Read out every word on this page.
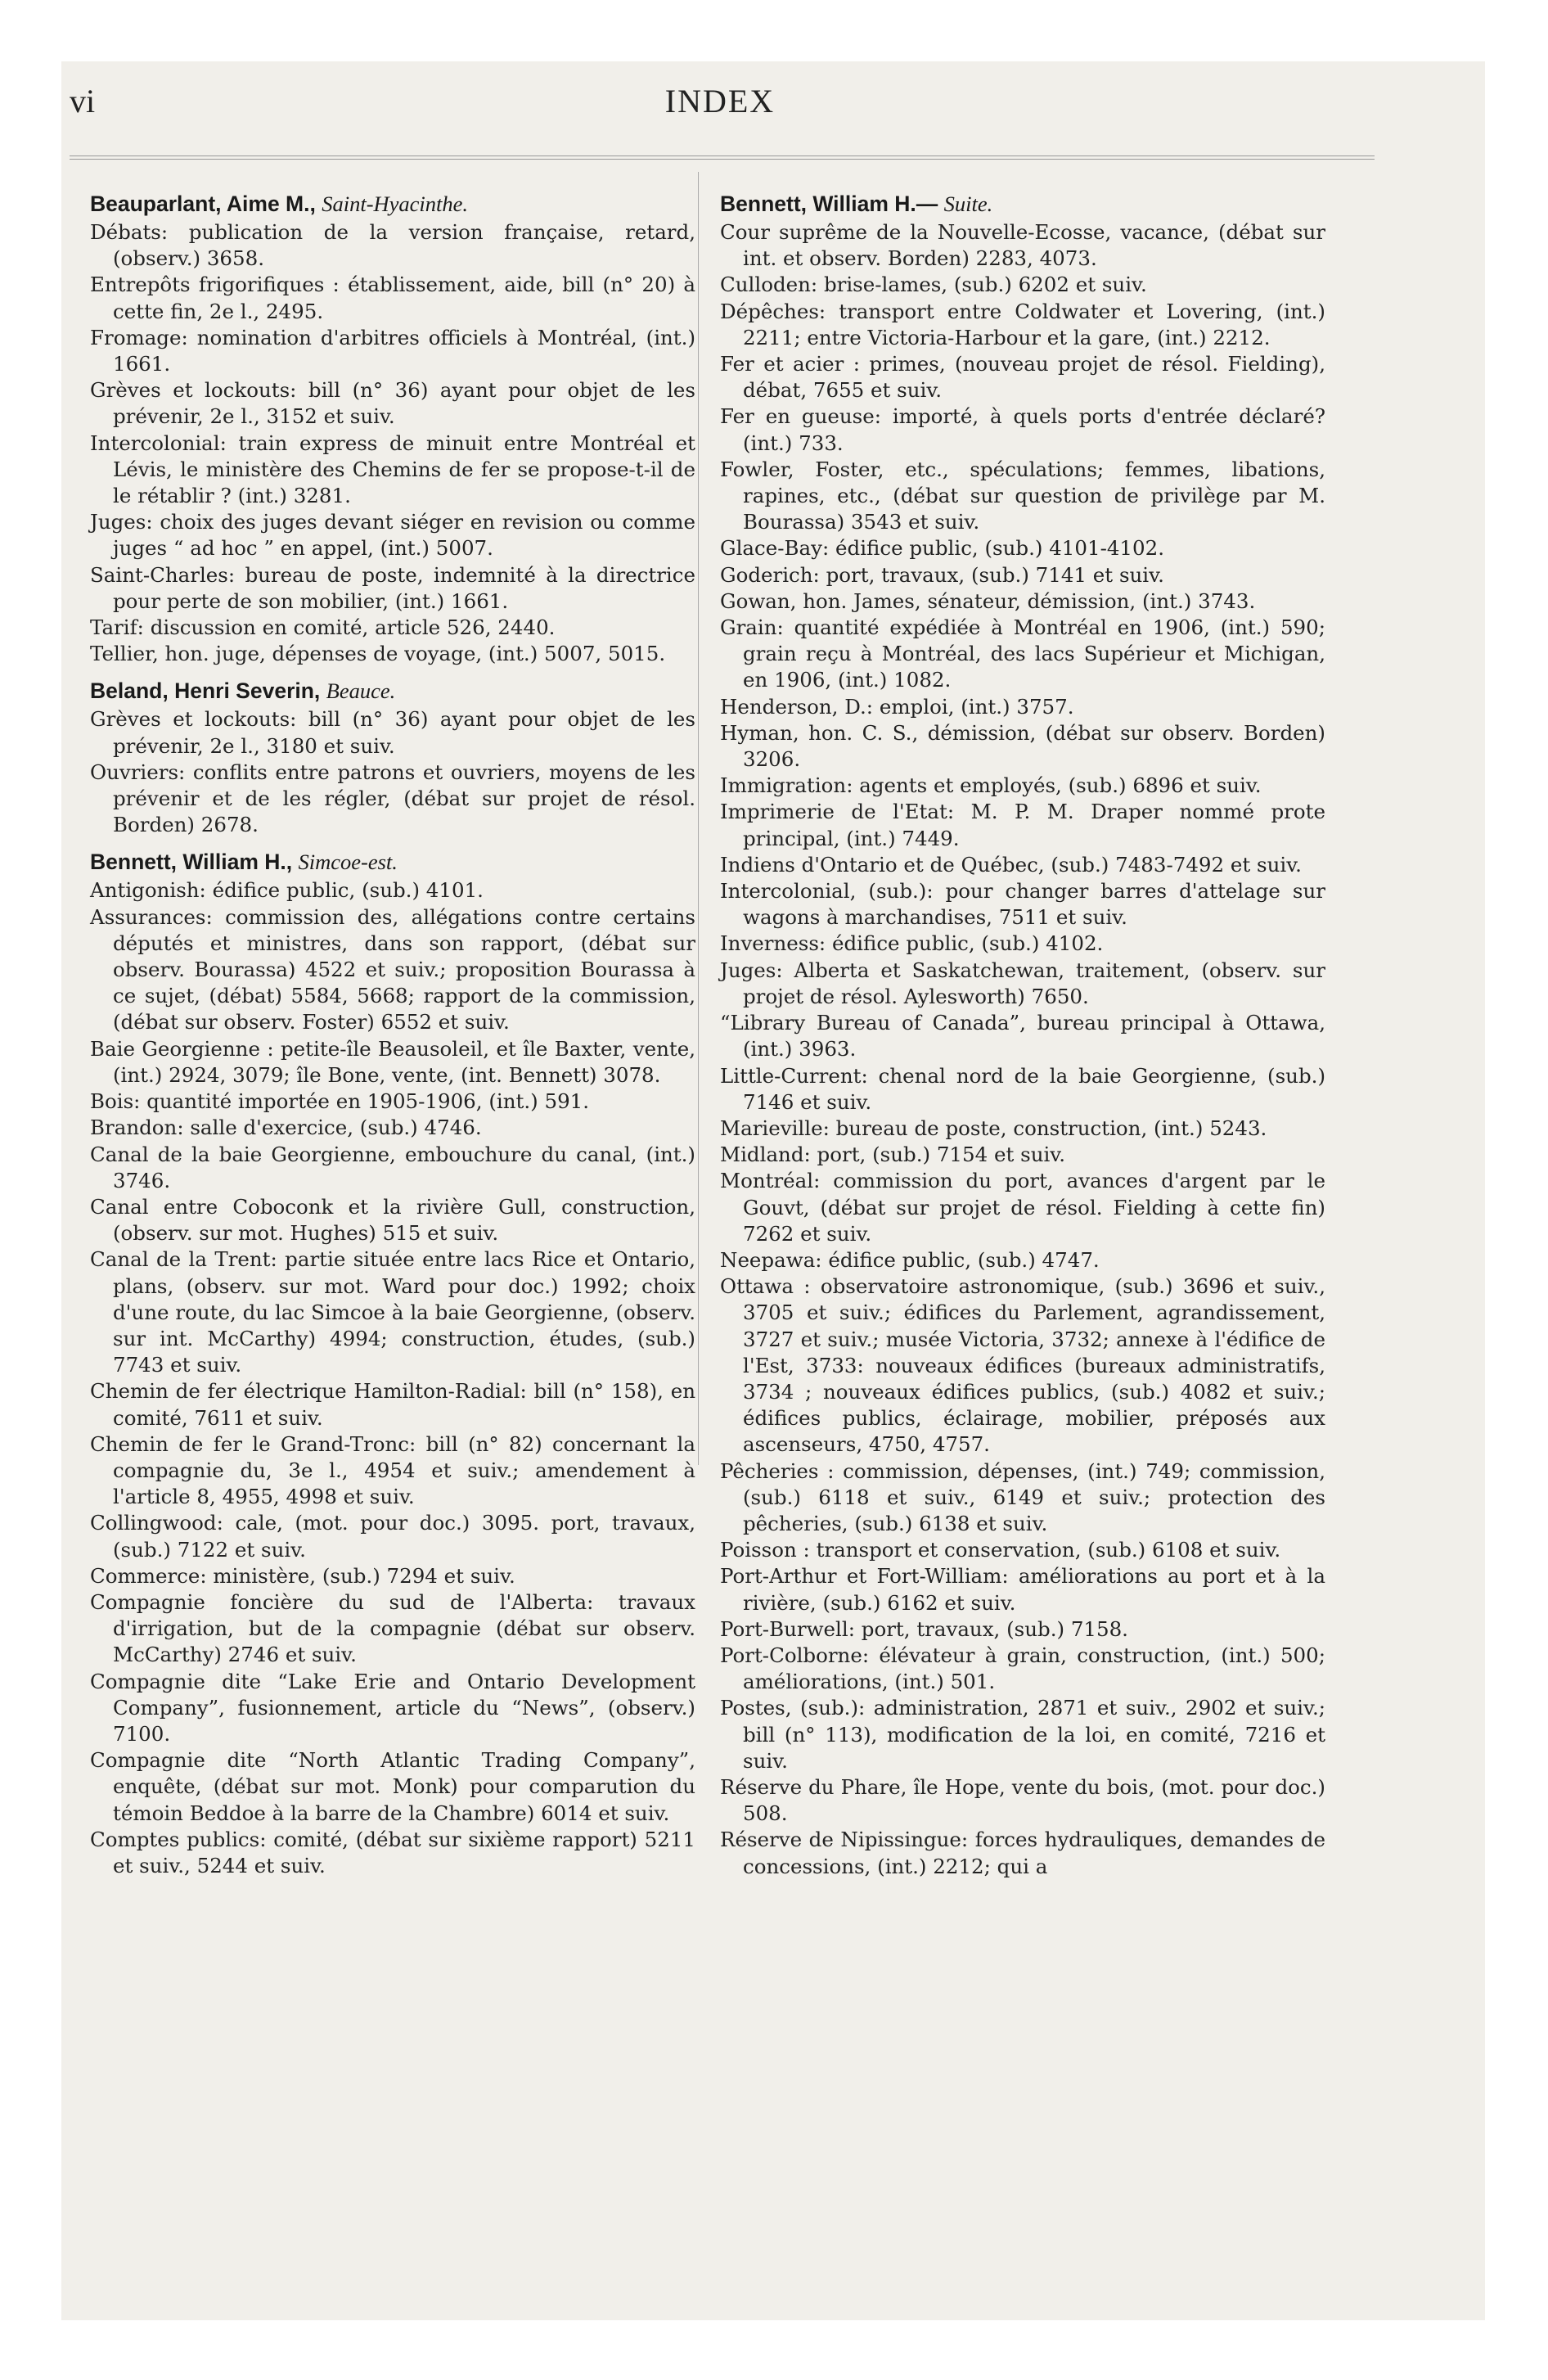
vi	INDEX
Beauparlant, Aime M., Saint-Hyacinthe.

Débats: publication de la version française, retard, (observ.) 3658.

Entrepôts frigorifiques : établissement, aide, bill (n° 20) à cette fin, 2e l., 2495.

Fromage: nomination d'arbitres officiels à Montréal, (int.) 1661.

Grèves et lockouts: bill (n° 36) ayant pour objet de les prévenir, 2e l., 3152 et suiv.

Intercolonial: train express de minuit entre Montréal et Lévis, le ministère des Chemins de fer se propose-t-il de le rétablir ? (int.) 3281.

Juges: choix des juges devant siéger en revision ou comme juges “ ad hoc ” en appel, (int.) 5007.

Saint-Charles: bureau de poste, indemnité à la directrice pour perte de son mobilier, (int.) 1661.

Tarif: discussion en comité, article 526, 2440.

Tellier, hon. juge, dépenses de voyage, (int.) 5007, 5015.

Beland, Henri Severin, Beauce.

Grèves et lockouts: bill (n° 36) ayant pour objet de les prévenir, 2e l., 3180 et suiv.

Ouvriers: conflits entre patrons et ouvriers, moyens de les prévenir et de les régler, (débat sur projet de résol. Borden) 2678.

Bennett, William H., Simcoe-est.

Antigonish: édifice public, (sub.) 4101.

Assurances: commission des, allégations contre certains députés et ministres, dans son rapport, (débat sur observ. Bourassa) 4522 et suiv.; proposition Bourassa à ce sujet, (débat) 5584, 5668; rapport de la commission, (débat sur observ. Foster) 6552 et suiv.

Baie Georgienne : petite-île Beausoleil, et île Baxter, vente, (int.) 2924, 3079; île Bone, vente, (int. Bennett) 3078.

Bois: quantité importée en 1905-1906, (int.) 591.

Brandon: salle d'exercice, (sub.) 4746.

Canal de la baie Georgienne, embouchure du canal, (int.) 3746.

Canal entre Coboconk et la rivière Gull, construction, (observ. sur mot. Hughes) 515 et suiv.

Canal de la Trent: partie située entre lacs Rice et Ontario, plans, (observ. sur mot. Ward pour doc.) 1992; choix d'une route, du lac Simcoe à la baie Georgienne, (observ. sur int. McCarthy) 4994; construction, études, (sub.) 7743 et suiv.

Chemin de fer électrique Hamilton-Radial: bill (n° 158), en comité, 7611 et suiv.

Chemin de fer le Grand-Tronc: bill (n° 82) concernant la compagnie du, 3e l., 4954 et suiv.; amendement à l'article 8, 4955, 4998 et suiv.

Collingwood: cale, (mot. pour doc.) 3095. port, travaux, (sub.) 7122 et suiv.

Commerce: ministère, (sub.) 7294 et suiv.

Compagnie foncière du sud de l'Alberta: travaux d'irrigation, but de la compagnie (débat sur observ. McCarthy) 2746 et suiv.

Compagnie dite “Lake Erie and Ontario Development Company”, fusionnement, article du “News”, (observ.) 7100.

Compagnie dite “North Atlantic Trading Company”, enquête, (débat sur mot. Monk) pour comparution du témoin Beddoe à la barre de la Chambre) 6014 et suiv.

Comptes publics: comité, (débat sur sixième rapport) 5211 et suiv., 5244 et suiv.

Bennett, William H.— Suite.

Cour suprême de la Nouvelle-Ecosse, vacance, (débat sur int. et observ. Borden) 2283, 4073.

Culloden: brise-lames, (sub.) 6202 et suiv.

Dépêches: transport entre Coldwater et Lovering, (int.) 2211; entre Victoria-Harbour et la gare, (int.) 2212.

Fer et acier : primes, (nouveau projet de résol. Fielding), débat, 7655 et suiv.

Fer en gueuse: importé, à quels ports d'entrée déclaré? (int.) 733.

Fowler, Foster, etc., spéculations; femmes, libations, rapines, etc., (débat sur question de privilège par M. Bourassa) 3543 et suiv.

Glace-Bay: édifice public, (sub.) 4101-4102.

Goderich: port, travaux, (sub.) 7141 et suiv.

Gowan, hon. James, sénateur, démission, (int.) 3743.

Grain: quantité expédiée à Montréal en 1906, (int.) 590; grain reçu à Montréal, des lacs Supérieur et Michigan, en 1906, (int.) 1082.

Henderson, D.: emploi, (int.) 3757.

Hyman, hon. C. S., démission, (débat sur observ. Borden) 3206.

Immigration: agents et employés, (sub.) 6896 et suiv.

Imprimerie de l'Etat: M. P. M. Draper nommé prote principal, (int.) 7449.

Indiens d'Ontario et de Québec, (sub.) 7483-7492 et suiv.

Intercolonial, (sub.): pour changer barres d'attelage sur wagons à marchandises, 7511 et suiv.

Inverness: édifice public, (sub.) 4102.

Juges: Alberta et Saskatchewan, traitement, (observ. sur projet de résol. Aylesworth) 7650.

“Library Bureau of Canada”, bureau principal à Ottawa, (int.) 3963.

Little-Current: chenal nord de la baie Georgienne, (sub.) 7146 et suiv.

Marieville: bureau de poste, construction, (int.) 5243.

Midland: port, (sub.) 7154 et suiv.

Montréal: commission du port, avances d'argent par le Gouvt, (débat sur projet de résol. Fielding à cette fin) 7262 et suiv.

Neepawa: édifice public, (sub.) 4747.

Ottawa : observatoire astronomique, (sub.) 3696 et suiv., 3705 et suiv.; édifices du Parlement, agrandissement, 3727 et suiv.; musée Victoria, 3732; annexe à l'édifice de l'Est, 3733: nouveaux édifices (bureaux administratifs, 3734 ; nouveaux édifices publics, (sub.) 4082 et suiv.; édifices publics, éclairage, mobilier, préposés aux ascenseurs, 4750, 4757.

Pêcheries : commission, dépenses, (int.) 749; commission, (sub.) 6118 et suiv., 6149 et suiv.; protection des pêcheries, (sub.) 6138 et suiv.

Poisson : transport et conservation, (sub.) 6108 et suiv.

Port-Arthur et Fort-William: améliorations au port et à la rivière, (sub.) 6162 et suiv.

Port-Burwell: port, travaux, (sub.) 7158.

Port-Colborne: élévateur à grain, construction, (int.) 500; améliorations, (int.) 501.

Postes, (sub.): administration, 2871 et suiv., 2902 et suiv.; bill (n° 113), modification de la loi, en comité, 7216 et suiv.

Réserve du Phare, île Hope, vente du bois, (mot. pour doc.) 508.

Réserve de Nipissingue: forces hydrauliques, demandes de concessions, (int.) 2212; qui a
